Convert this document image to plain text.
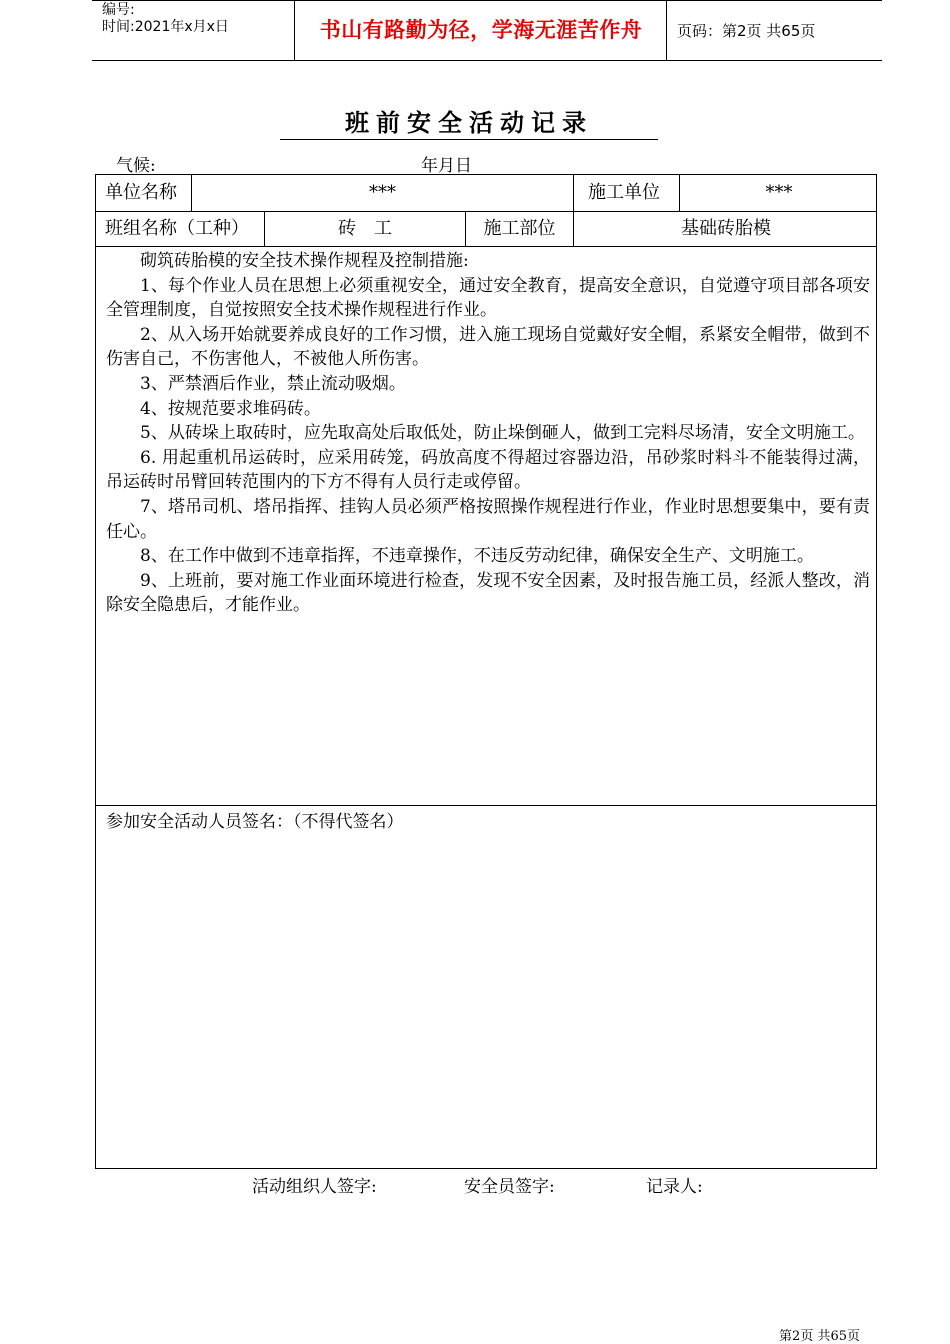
编号:
时间:2021年x月x日	书山有路勤为径，学海无涯苦作舟	页码：第2页 共65页
班前安全活动记录
气候:	年月日
单位名称	***	施工单位	***
班组名称（工种）	砖　工	施工部位	基础砖胎模

砌筑砖胎模的安全技术操作规程及控制措施:

1、每个作业人员在思想上必须重视安全，通过安全教育，提高安全意识，自觉遵守项目部各项安全管理制度，自觉按照安全技术操作规程进行作业。

2、从入场开始就要养成良好的工作习惯，进入施工现场自觉戴好安全帽，系紧安全帽带，做到不伤害自己，不伤害他人，不被他人所伤害。

3、严禁酒后作业，禁止流动吸烟。

4、按规范要求堆码砖。

5、从砖垛上取砖时，应先取高处后取低处，防止垛倒砸人，做到工完料尽场清，安全文明施工。

6. 用起重机吊运砖时，应采用砖笼，码放高度不得超过容器边沿，吊砂浆时料斗不能装得过满，吊运砖时吊臂回转范围内的下方不得有人员行走或停留。

7、塔吊司机、塔吊指挥、挂钩人员必须严格按照操作规程进行作业，作业时思想要集中，要有责任心。

8、在工作中做到不违章指挥，不违章操作，不违反劳动纪律，确保安全生产、文明施工。

9、上班前，要对施工作业面环境进行检查，发现不安全因素，及时报告施工员，经派人整改，消除安全隐患后，才能作业。

参加安全活动人员签名：（不得代签名）
活动组织人签字:	安全员签字:	记录人:
第2页 共65页
